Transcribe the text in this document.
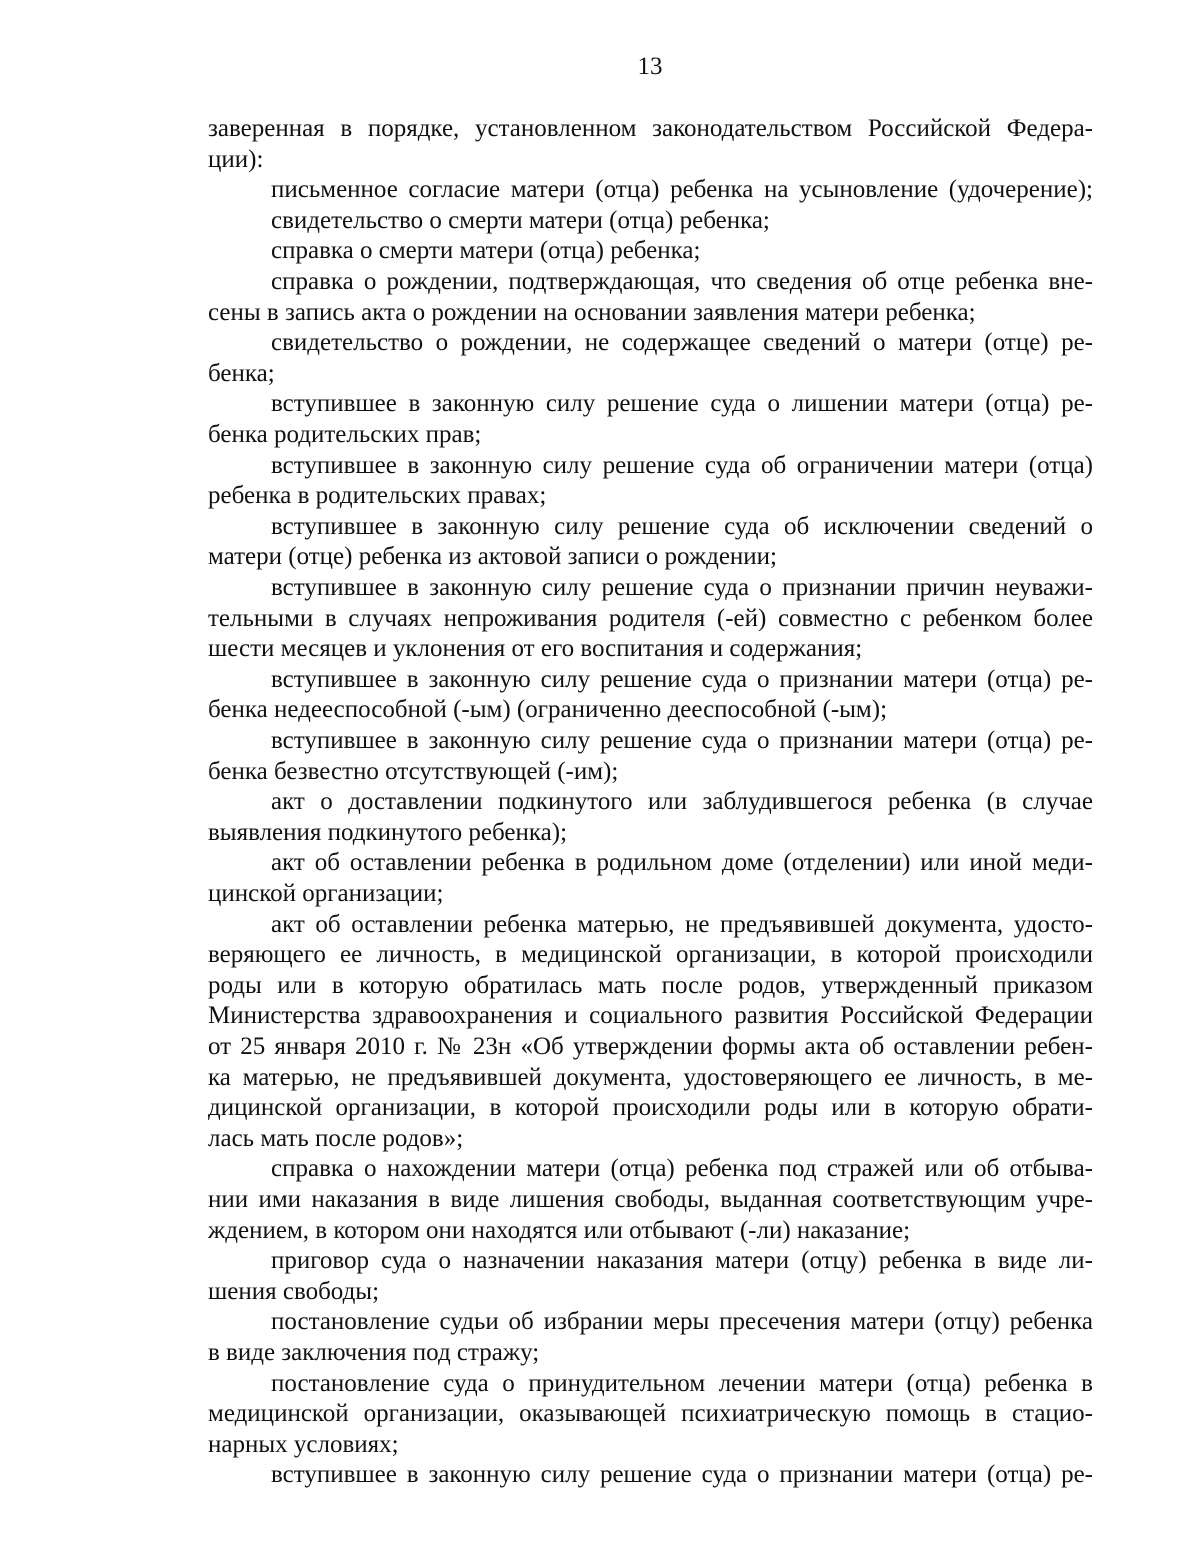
13
заверенная в порядке, установленном законодательством Российской Федера-
ции):
письменное согласие матери (отца) ребенка на усыновление (удочерение);
свидетельство о смерти матери (отца) ребенка;
справка о смерти матери (отца) ребенка;
справка о рождении, подтверждающая, что сведения об отце ребенка вне-
сены в запись акта о рождении на основании заявления матери ребенка;
свидетельство о рождении, не содержащее сведений о матери (отце) ре-
бенка;
вступившее в законную силу решение суда о лишении матери (отца) ре-
бенка родительских прав;
вступившее в законную силу решение суда об ограничении матери (отца)
ребенка в родительских правах;
вступившее в законную силу решение суда об исключении сведений о
матери (отце) ребенка из актовой записи о рождении;
вступившее в законную силу решение суда о признании причин неуважи-
тельными в случаях непроживания родителя (-ей) совместно с ребенком более
шести месяцев и уклонения от его воспитания и содержания;
вступившее в законную силу решение суда о признании матери (отца) ре-
бенка недееспособной (-ым) (ограниченно дееспособной (-ым);
вступившее в законную силу решение суда о признании матери (отца) ре-
бенка безвестно отсутствующей (-им);
акт о доставлении подкинутого или заблудившегося ребенка (в случае
выявления подкинутого ребенка);
акт об оставлении ребенка в родильном доме (отделении) или иной меди-
цинской организации;
акт об оставлении ребенка матерью, не предъявившей документа, удосто-
веряющего ее личность, в медицинской организации, в которой происходили
роды или в которую обратилась мать после родов, утвержденный приказом
Министерства здравоохранения и социального развития Российской Федерации
от 25 января 2010 г. № 23н «Об утверждении формы акта об оставлении ребен-
ка матерью, не предъявившей документа, удостоверяющего ее личность, в ме-
дицинской организации, в которой происходили роды или в которую обрати-
лась мать после родов»;
справка о нахождении матери (отца) ребенка под стражей или об отбыва-
нии ими наказания в виде лишения свободы, выданная соответствующим учре-
ждением, в котором они находятся или отбывают (-ли) наказание;
приговор суда о назначении наказания матери (отцу) ребенка в виде ли-
шения свободы;
постановление судьи об избрании меры пресечения матери (отцу) ребенка
в виде заключения под стражу;
постановление суда о принудительном лечении матери (отца) ребенка в
медицинской организации, оказывающей психиатрическую помощь в стацио-
нарных условиях;
вступившее в законную силу решение суда о признании матери (отца) ре-
